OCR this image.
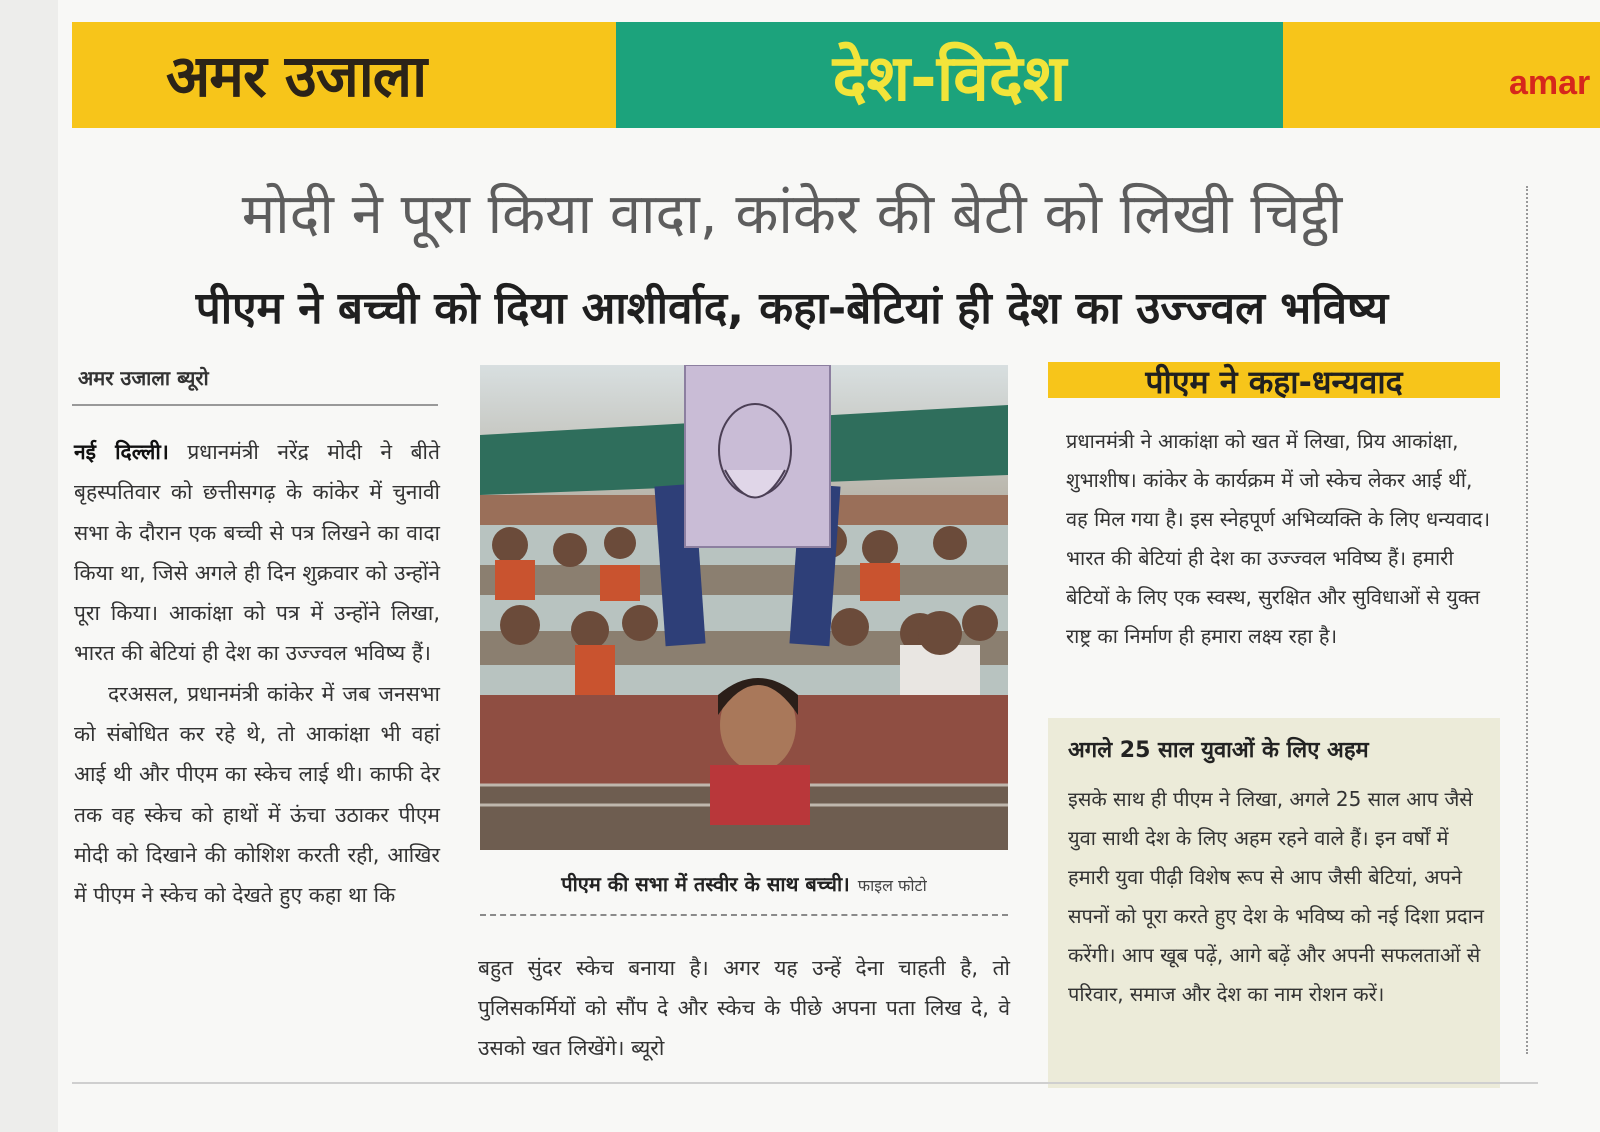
अमर उजाला	देश-विदेश	amar
मोदी ने पूरा किया वादा, कांकेर की बेटी को लिखी चिट्ठी
पीएम ने बच्ची को दिया आशीर्वाद, कहा-बेटियां ही देश का उज्ज्वल भविष्य
अमर उजाला ब्यूरो

नई दिल्ली। प्रधानमंत्री नरेंद्र मोदी ने बीते बृहस्पतिवार को छत्तीसगढ़ के कांकेर में चुनावी सभा के दौरान एक बच्ची से पत्र लिखने का वादा किया था, जिसे अगले ही दिन शुक्रवार को उन्होंने पूरा किया। आकांक्षा को पत्र में उन्होंने लिखा, भारत की बेटियां ही देश का उज्ज्वल भविष्य हैं।

दरअसल, प्रधानमंत्री कांकेर में जब जनसभा को संबोधित कर रहे थे, तो आकांक्षा भी वहां आई थी और पीएम का स्केच लाई थी। काफी देर तक वह स्केच को हाथों में ऊंचा उठाकर पीएम मोदी को दिखाने की कोशिश करती रही, आखिर में पीएम ने स्केच को देखते हुए कहा था कि	पीएम की सभा में तस्वीर के साथ बच्ची। फाइल फोटो

बहुत सुंदर स्केच बनाया है। अगर यह उन्हें देना चाहती है, तो पुलिसकर्मियों को सौंप दे और स्केच के पीछे अपना पता लिख दे, वे उसको खत लिखेंगे। ब्यूरो

पीएम ने कहा-धन्यवाद

प्रधानमंत्री ने आकांक्षा को खत में लिखा, प्रिय आकांक्षा, शुभाशीष। कांकेर के कार्यक्रम में जो स्केच लेकर आई थीं, वह मिल गया है। इस स्नेहपूर्ण अभिव्यक्ति के लिए धन्यवाद। भारत की बेटियां ही देश का उज्ज्वल भविष्य हैं। हमारी बेटियों के लिए एक स्वस्थ, सुरक्षित और सुविधाओं से युक्त राष्ट्र का निर्माण ही हमारा लक्ष्य रहा है।

अगले 25 साल युवाओं के लिए अहम

इसके साथ ही पीएम ने लिखा, अगले 25 साल आप जैसे युवा साथी देश के लिए अहम रहने वाले हैं। इन वर्षों में हमारी युवा पीढ़ी विशेष रूप से आप जैसी बेटियां, अपने सपनों को पूरा करते हुए देश के भविष्य को नई दिशा प्रदान करेंगी। आप खूब पढ़ें, आगे बढ़ें और अपनी सफलताओं से परिवार, समाज और देश का नाम रोशन करें।
